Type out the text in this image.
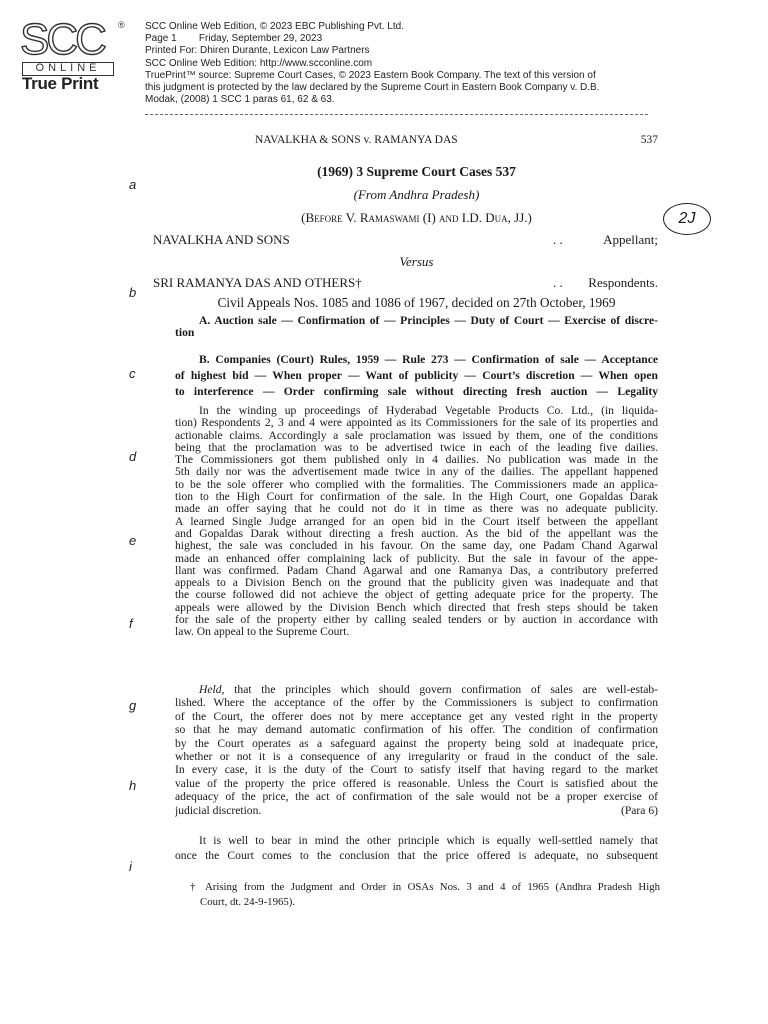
SCC ®
ONLINE
True Print
SCC Online Web Edition, © 2023 EBC Publishing Pvt. Ltd.
Page 1        Friday, September 29, 2023
Printed For: Dhiren Durante, Lexicon Law Partners
SCC Online Web Edition: http://www.scconline.com
TruePrint™ source: Supreme Court Cases, © 2023 Eastern Book Company. The text of this version of
this judgment is protected by the law declared by the Supreme Court in Eastern Book Company v. D.B.
Modak, (2008) 1 SCC 1 paras 61, 62 & 63.
NAVALKHA & SONS v. RAMANYA DAS	537
(1969) 3 Supreme Court Cases 537
(From Andhra Pradesh)
(Before V. Ramaswami (I) and I.D. Dua, JJ.)
NAVALKHA AND SONS	. .	Appellant;
Versus
SRI RAMANYA DAS AND OTHERS†	. . Respondents.
Civil Appeals Nos. 1085 and 1086 of 1967, decided on 27th October, 1969
2J
a
b
c
d
e
f
g
h
i
A. Auction sale — Confirmation of — Principles — Duty of Court — Exercise of discre-
tion
B. Companies (Court) Rules, 1959 — Rule 273 — Confirmation of sale — Acceptance
of highest bid — When proper — Want of publicity — Court’s discretion — When open
to interference — Order confirming sale without directing fresh auction — Legality
In the winding up proceedings of Hyderabad Vegetable Products Co. Ltd., (in liquida-
tion) Respondents 2, 3 and 4 were appointed as its Commissioners for the sale of its properties and
actionable claims. Accordingly a sale proclamation was issued by them, one of the conditions
being that the proclamation was to be advertised twice in each of the leading five dailies.
The Commissioners got them published only in 4 dailies. No publication was made in the
5th daily nor was the advertisement made twice in any of the dailies. The appellant happened
to be the sole offerer who complied with the formalities. The Commissioners made an applica-
tion to the High Court for confirmation of the sale. In the High Court, one Gopaldas Darak
made an offer saying that he could not do it in time as there was no adequate publicity.
A learned Single Judge arranged for an open bid in the Court itself between the appellant
and Gopaldas Darak without directing a fresh auction. As the bid of the appellant was the
highest, the sale was concluded in his favour. On the same day, one Padam Chand Agarwal
made an enhanced offer complaining lack of publicity. But the sale in favour of the appe-
llant was confirmed. Padam Chand Agarwal and one Ramanya Das, a contributory preferred
appeals to a Division Bench on the ground that the publicity given was inadequate and that
the course followed did not achieve the object of getting adequate price for the property. The
appeals were allowed by the Division Bench which directed that fresh steps should be taken
for the sale of the property either by calling sealed tenders or by auction in accordance with
law. On appeal to the Supreme Court.
Held, that the principles which should govern confirmation of sales are well-estab-
lished. Where the acceptance of the offer by the Commissioners is subject to confirmation
of the Court, the offerer does not by mere acceptance get any vested right in the property
so that he may demand automatic confirmation of his offer. The condition of confirmation
by the Court operates as a safeguard against the property being sold at inadequate price,
whether or not it is a consequence of any irregularity or fraud in the conduct of the sale.
In every case, it is the duty of the Court to satisfy itself that having regard to the market
value of the property the price offered is reasonable. Unless the Court is satisfied about the
adequacy of the price, the act of confirmation of the sale would not be a proper exercise of
judicial discretion.	(Para 6)
It is well to bear in mind the other principle which is equally well-settled namely that
once the Court comes to the conclusion that the price offered is adequate, no subsequent
† Arising from the Judgment and Order in OSAs Nos. 3 and 4 of 1965 (Andhra Pradesh High
Court, dt. 24-9-1965).
